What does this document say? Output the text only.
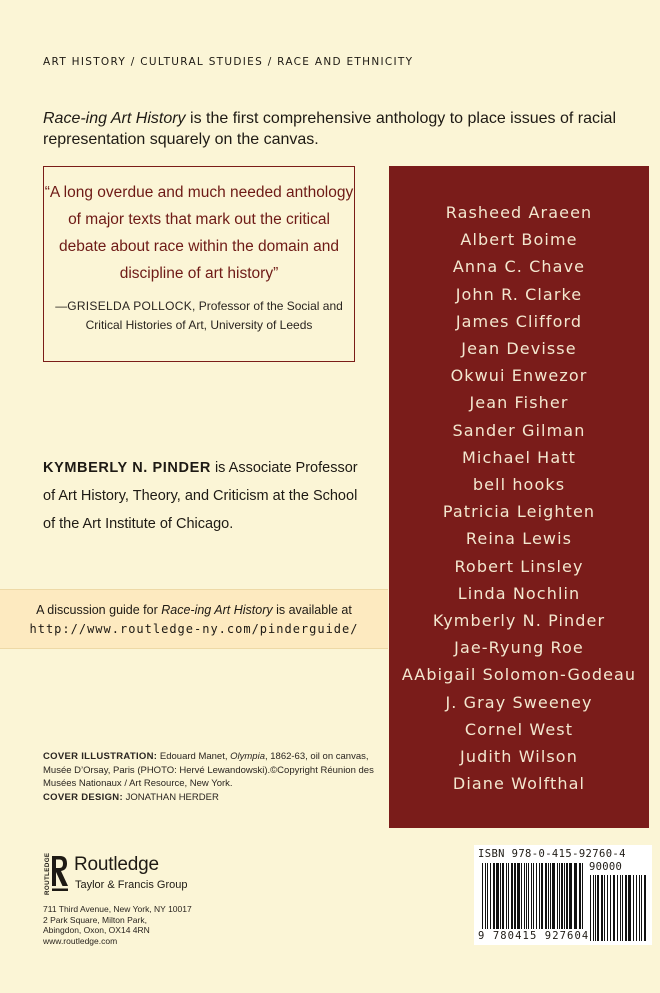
ART HISTORY / CULTURAL STUDIES / RACE AND ETHNICITY

Race-ing Art History is the first comprehensive anthology to place issues of racial representation squarely on the canvas.

“A long overdue and much needed anthology of major texts that mark out the critical debate about race within the domain and discipline of art history”
—GRISELDA POLLOCK, Professor of the Social and Critical Histories of Art, University of Leeds

KYMBERLY N. PINDER is Associate Professor of Art History, Theory, and Criticism at the School of the Art Institute of Chicago.

A discussion guide for Race-ing Art History is available at
http://www.routledge-ny.com/pinderguide/

COVER ILLUSTRATION: Edouard Manet, Olympia, 1862-63, oil on canvas, Musée D’Orsay, Paris (PHOTO: Hervé Lewandowski).©Copyright Réunion des Musées Nationaux / Art Resource, New York.

COVER DESIGN: JONATHAN HERDER

ROUTLEDGE Routledge
Taylor & Francis Group
711 Third Avenue, New York, NY 10017
2 Park Square, Milton Park,
Abingdon, Oxon, OX14 4RN
www.routledge.com
Rasheed Araeen
Albert Boime
Anna C. Chave
John R. Clarke
James Clifford
Jean Devisse
Okwui Enwezor
Jean Fisher
Sander Gilman
Michael Hatt
bell hooks
Patricia Leighten
Reina Lewis
Robert Linsley
Linda Nochlin
Kymberly N. Pinder
Jae-Ryung Roe
AAbigail Solomon-Godeau
J. Gray Sweeney
Cornel West
Judith Wilson
Diane Wolfthal
ISBN 978-0-415-92760-4
90000
9 780415 927604
